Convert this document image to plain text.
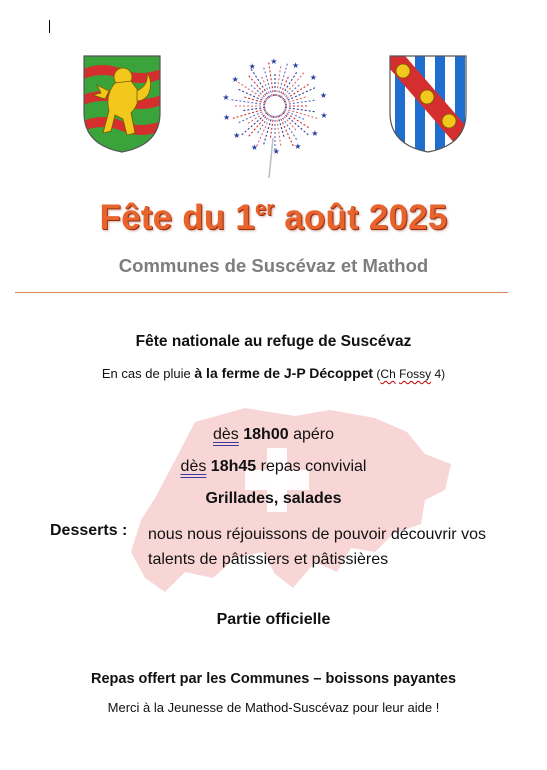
★
★
★
★
★
★
★
★
★
★
★ ★
★
★
Fête du 1er août 2025
Communes de Suscévaz et Mathod
Fête nationale au refuge de Suscévaz
En cas de pluie à la ferme de J-P Décoppet (Ch Fossy 4)
dès 18h00 apéro
dès 18h45 repas convivial
Grillades, salades
Desserts : nous nous réjouissons de pouvoir découvrir vos talents de pâtissiers et pâtissières
Partie officielle
Repas offert par les Communes – boissons payantes
Merci à la Jeunesse de Mathod-Suscévaz pour leur aide !
